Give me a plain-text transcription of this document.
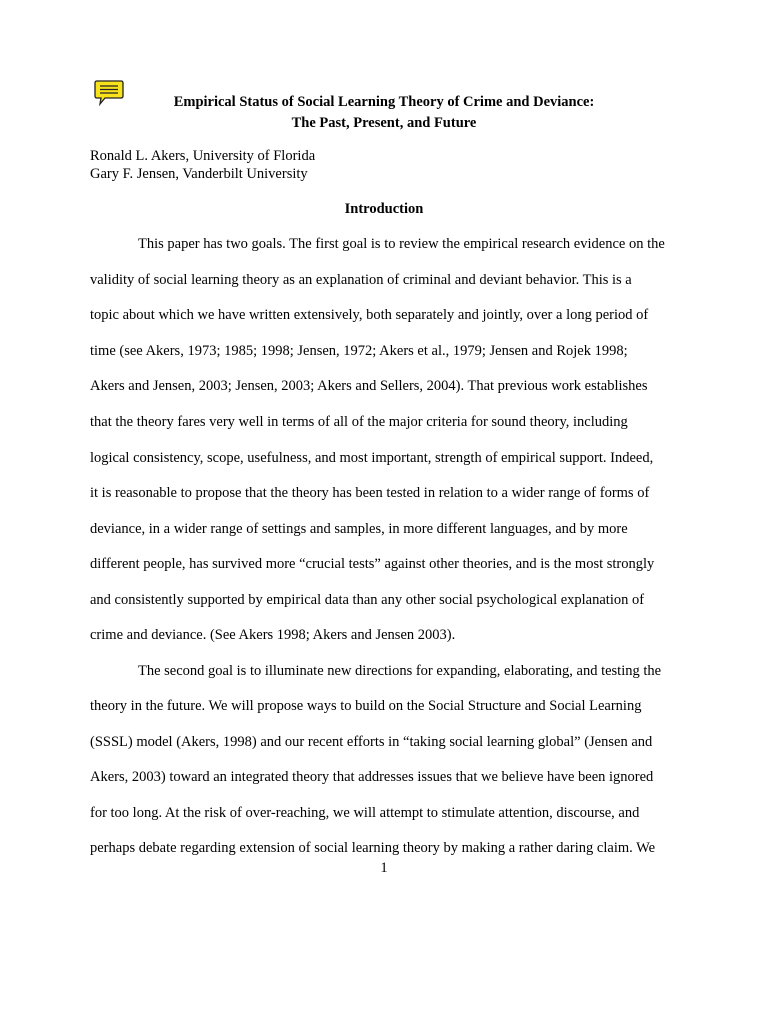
Empirical Status of Social Learning Theory of Crime and Deviance:
The Past, Present, and Future
Ronald L. Akers, University of Florida
Gary F. Jensen, Vanderbilt University
Introduction
This paper has two goals. The first goal is to review the empirical research evidence on the
validity of social learning theory as an explanation of criminal and deviant behavior. This is a
topic about which we have written extensively, both separately and jointly, over a long period of
time (see Akers, 1973; 1985; 1998; Jensen, 1972; Akers et al., 1979; Jensen and Rojek 1998;
Akers and Jensen, 2003; Jensen, 2003; Akers and Sellers, 2004). That previous work establishes
that the theory fares very well in terms of all of the major criteria for sound theory, including
logical consistency, scope, usefulness, and most important, strength of empirical support. Indeed,
it is reasonable to propose that the theory has been tested in relation to a wider range of forms of
deviance, in a wider range of settings and samples, in more different languages, and by more
different people, has survived more “crucial tests” against other theories, and is the most strongly
and consistently supported by empirical data than any other social psychological explanation of
crime and deviance. (See Akers 1998; Akers and Jensen 2003).
The second goal is to illuminate new directions for expanding, elaborating, and testing the
theory in the future. We will propose ways to build on the Social Structure and Social Learning
(SSSL) model (Akers, 1998) and our recent efforts in “taking social learning global” (Jensen and
Akers, 2003) toward an integrated theory that addresses issues that we believe have been ignored
for too long. At the risk of over-reaching, we will attempt to stimulate attention, discourse, and
perhaps debate regarding extension of social learning theory by making a rather daring claim. We
1
